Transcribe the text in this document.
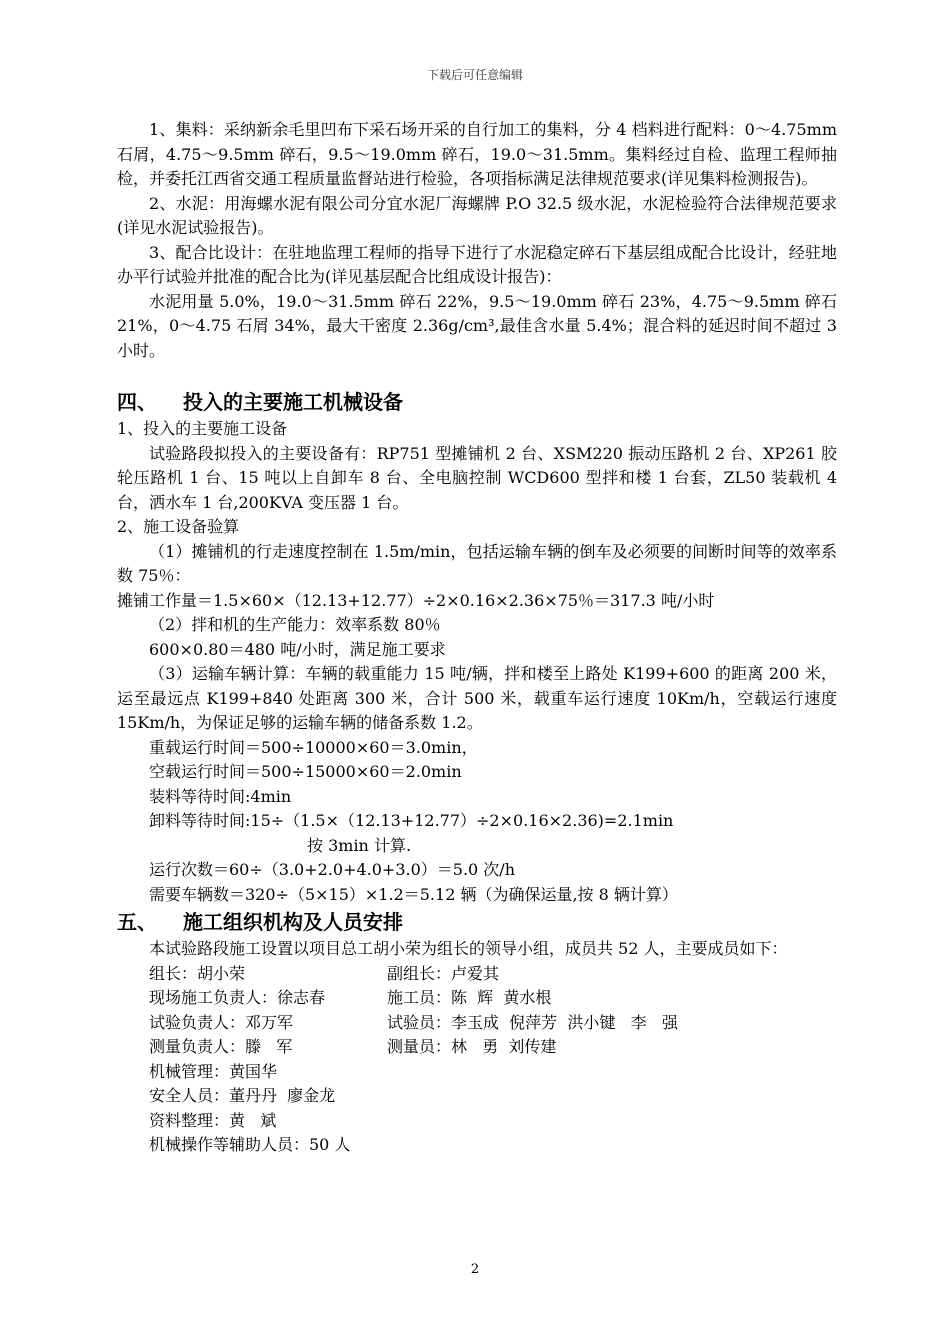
下载后可任意编辑

1、集料：采纳新余毛里凹布下采石场开采的自行加工的集料，分 4 档料进行配料：0～4.75mm 石屑，4.75～9.5mm 碎石，9.5～19.0mm 碎石，19.0～31.5mm。集料经过自检、监理工程师抽检，并委托江西省交通工程质量监督站进行检验，各项指标满足法律规范要求(详见集料检测报告)。

2、水泥：用海螺水泥有限公司分宜水泥厂海螺牌 P.O 32.5 级水泥，水泥检验符合法律规范要求(详见水泥试验报告)。

3、配合比设计：在驻地监理工程师的指导下进行了水泥稳定碎石下基层组成配合比设计，经驻地办平行试验并批准的配合比为(详见基层配合比组成设计报告)：

水泥用量 5.0%，19.0～31.5mm 碎石 22%，9.5～19.0mm 碎石 23%，4.75～9.5mm 碎石 21%，0～4.75 石屑 34%，最大干密度 2.36g/cm³,最佳含水量 5.4%；混合料的延迟时间不超过 3 小时。

四、	投入的主要施工机械设备

1、投入的主要施工设备

试验路段拟投入的主要设备有：RP751 型摊铺机 2 台、XSM220 振动压路机 2 台、XP261 胶轮压路机 1 台、15 吨以上自卸车 8 台、全电脑控制 WCD600 型拌和楼 1 台套，ZL50 装载机 4 台，洒水车 1 台,200KVA 变压器 1 台。

2、施工设备验算

（1）摊铺机的行走速度控制在 1.5m/min，包括运输车辆的倒车及必须要的间断时间等的效率系数 75％：

摊铺工作量＝1.5×60×（12.13+12.77）÷2×0.16×2.36×75％＝317.3 吨/小时

（2）拌和机的生产能力：效率系数 80％

600×0.80＝480 吨/小时，满足施工要求

（3）运输车辆计算：车辆的载重能力 15 吨/辆，拌和楼至上路处 K199+600 的距离 200 米，运至最远点 K199+840 处距离 300 米，合计 500 米，载重车运行速度 10Km/h，空载运行速度 15Km/h，为保证足够的运输车辆的储备系数 1.2。

重载运行时间＝500÷10000×60＝3.0min，

空载运行时间＝500÷15000×60＝2.0min

装料等待时间:4min

卸料等待时间:15÷（1.5×（12.13+12.77）÷2×0.16×2.36)=2.1min

按 3min 计算.

运行次数＝60÷（3.0+2.0+4.0+3.0）＝5.0 次/h

需要车辆数＝320÷（5×15）×1.2＝5.12 辆（为确保运量,按 8 辆计算）

五、	施工组织机构及人员安排

本试验路段施工设置以项目总工胡小荣为组长的领导小组，成员共 52 人，主要成员如下：

组长：胡小荣	副组长：卢爱其
现场施工负责人：徐志春	施工员：陈  辉  黄水根
试验负责人：邓万军	试验员：李玉成  倪萍芳  洪小键   李   强
测量负责人：滕   军	测量员：林   勇  刘传建
机械管理：黄国华
安全人员：董丹丹  廖金龙
资料整理：黄   斌
机械操作等辅助人员：50 人
2
